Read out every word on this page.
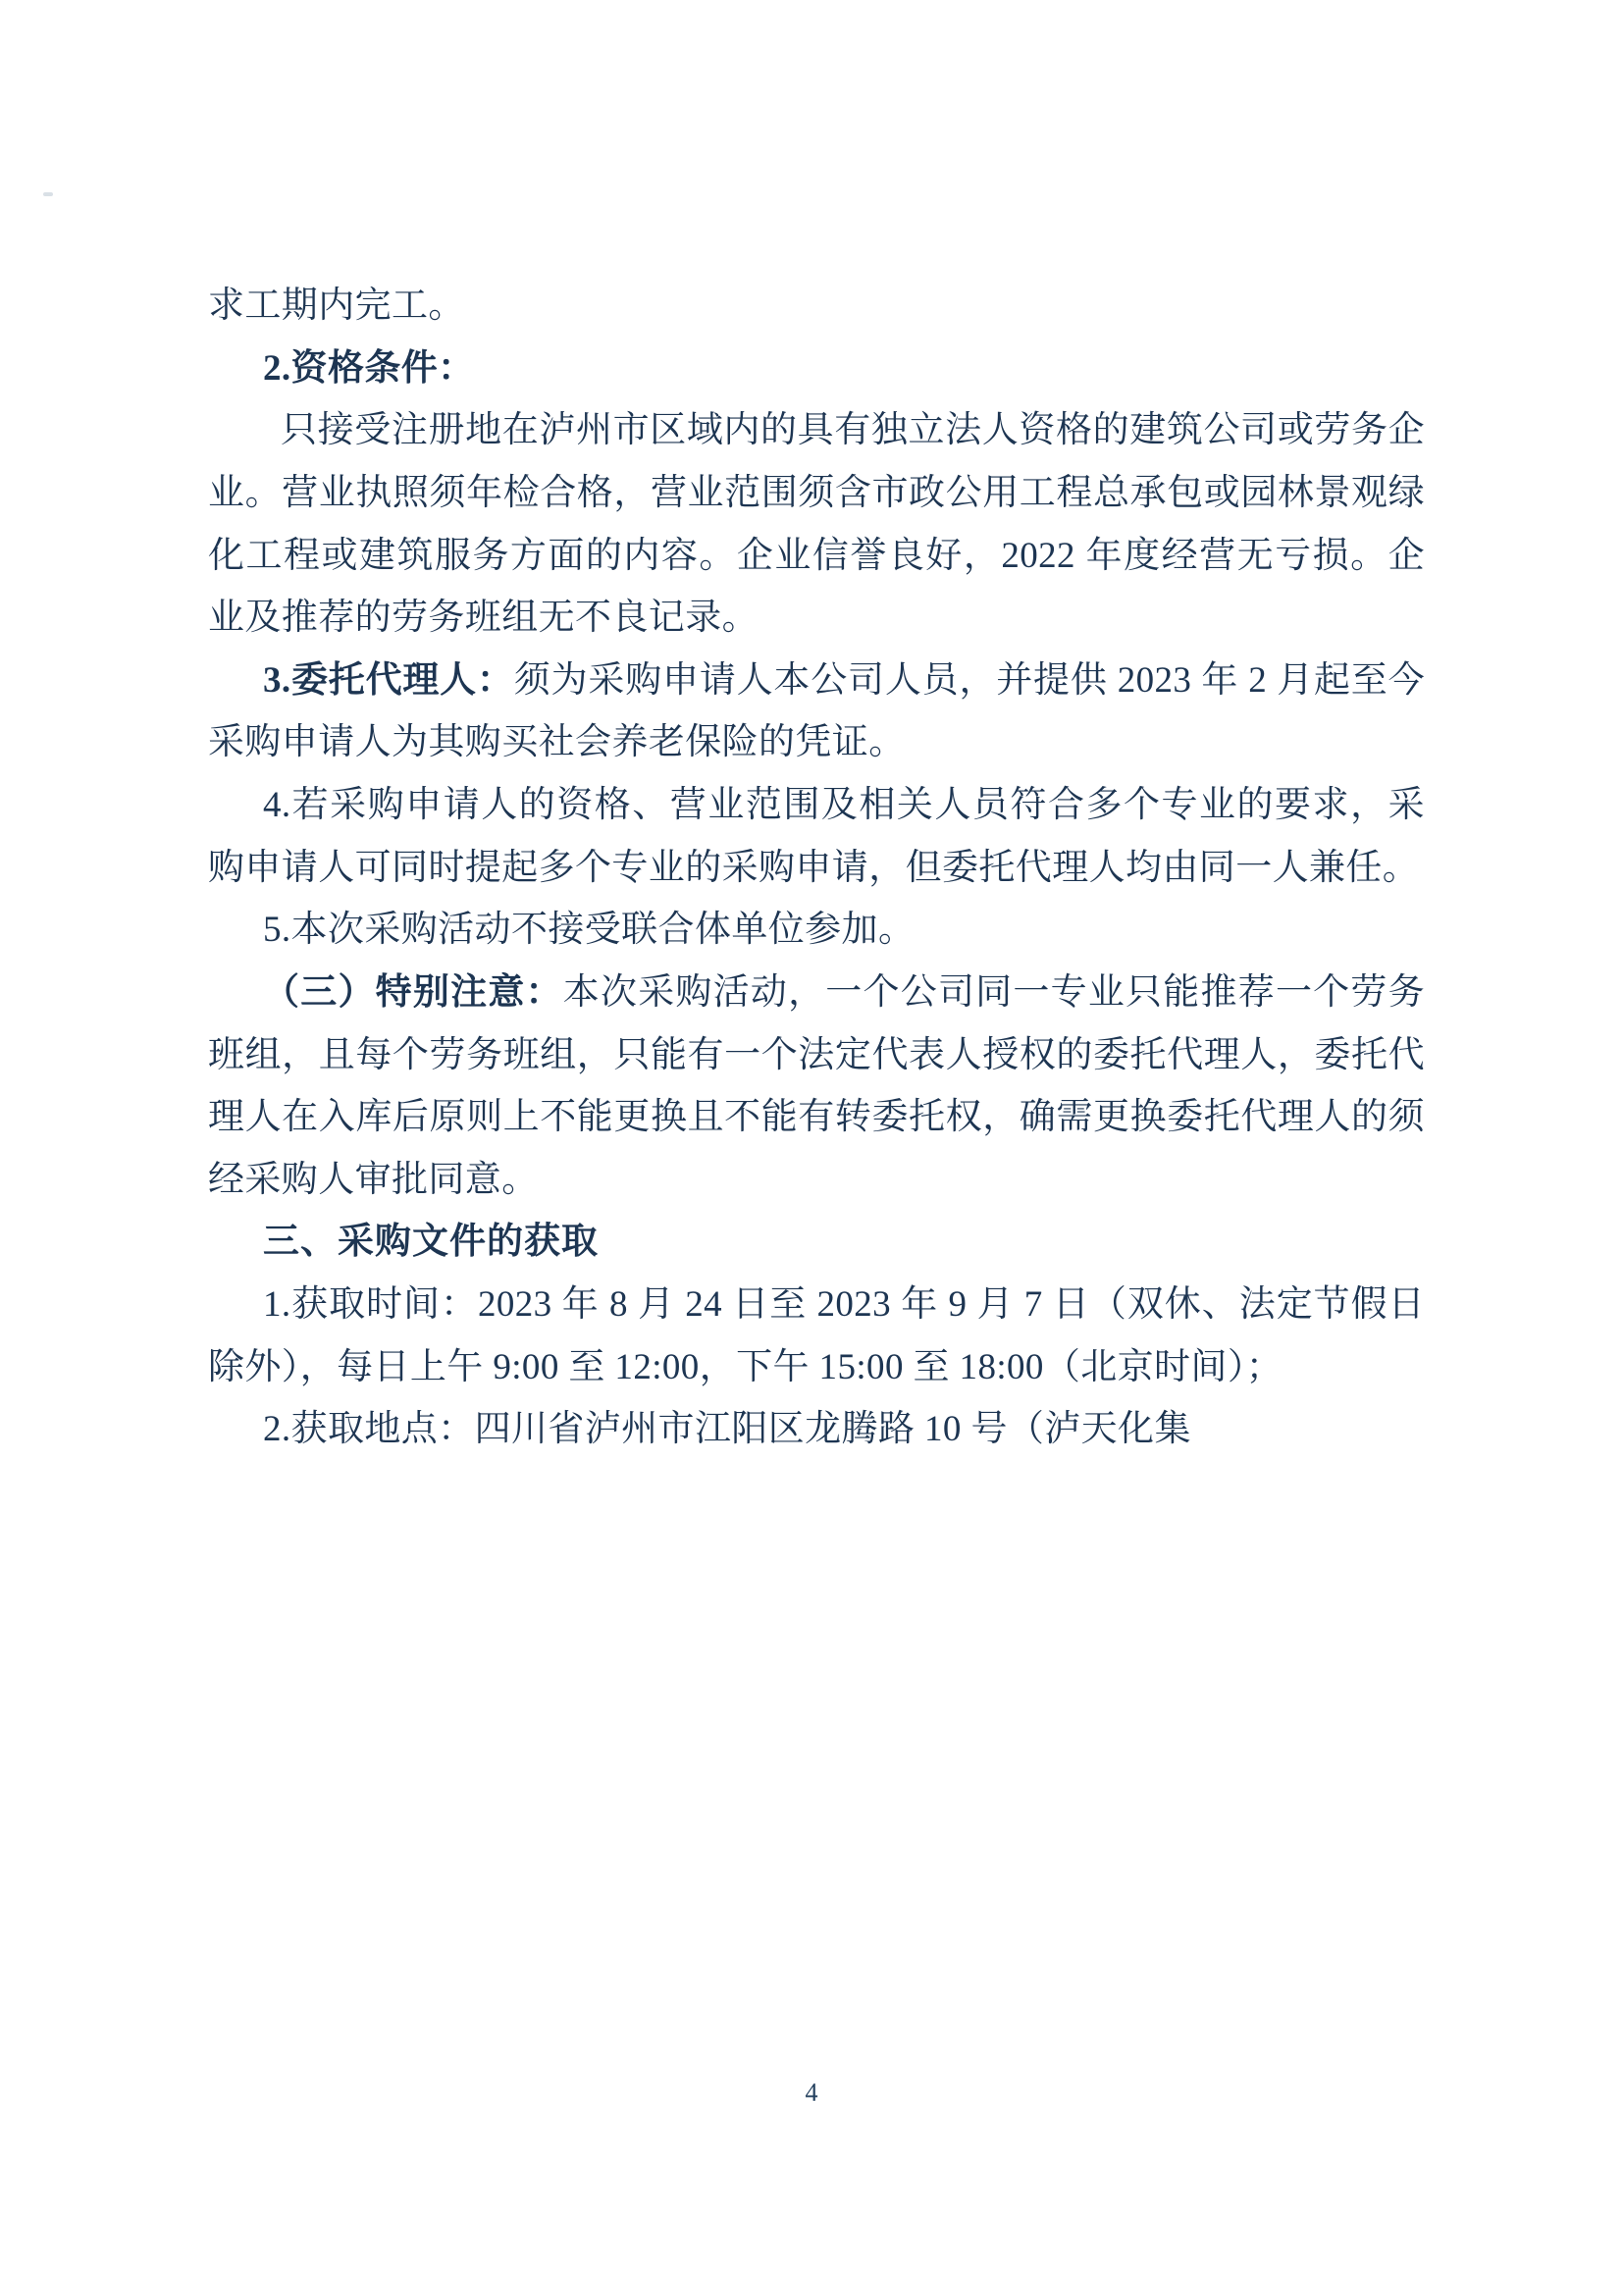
求工期内完工。

2.资格条件：

只接受注册地在泸州市区域内的具有独立法人资格的建筑公司或劳务企业。营业执照须年检合格，营业范围须含市政公用工程总承包或园林景观绿化工程或建筑服务方面的内容。企业信誉良好，2022 年度经营无亏损。企业及推荐的劳务班组无不良记录。

3.委托代理人：须为采购申请人本公司人员，并提供 2023 年 2 月起至今采购申请人为其购买社会养老保险的凭证。

4.若采购申请人的资格、营业范围及相关人员符合多个专业的要求，采购申请人可同时提起多个专业的采购申请，但委托代理人均由同一人兼任。

5.本次采购活动不接受联合体单位参加。

（三）特别注意：本次采购活动，一个公司同一专业只能推荐一个劳务班组，且每个劳务班组，只能有一个法定代表人授权的委托代理人，委托代理人在入库后原则上不能更换且不能有转委托权，确需更换委托代理人的须经采购人审批同意。

三、采购文件的获取

1.获取时间：2023 年 8 月 24 日至 2023 年 9 月 7 日（双休、法定节假日除外），每日上午 9:00 至 12:00，下午 15:00 至 18:00（北京时间）；

2.获取地点：四川省泸州市江阳区龙腾路 10 号（泸天化集

4
